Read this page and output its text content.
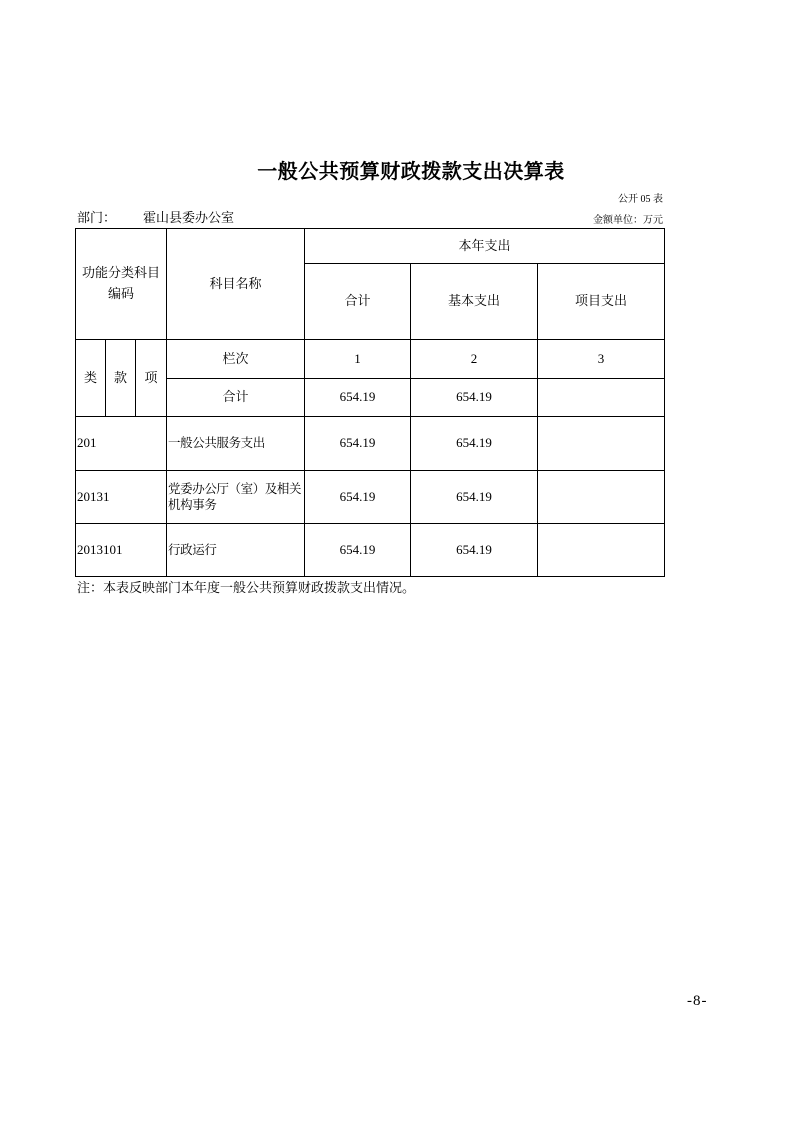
一般公共预算财政拨款支出决算表
公开 05 表
部门： 霍山县委办公室	金额单位：万元
功能分类科目编码			科目名称	本年支出		
				合计	基本支出	项目支出
类	款	项	栏次	1	2	3
			合计	654.19	654.19	
201			一般公共服务支出	654.19	654.19	
20131			党委办公厅（室）及相关机构事务	654.19	654.19	
2013101			行政运行	654.19	654.19	
注：本表反映部门本年度一般公共预算财政拨款支出情况。
-8-
